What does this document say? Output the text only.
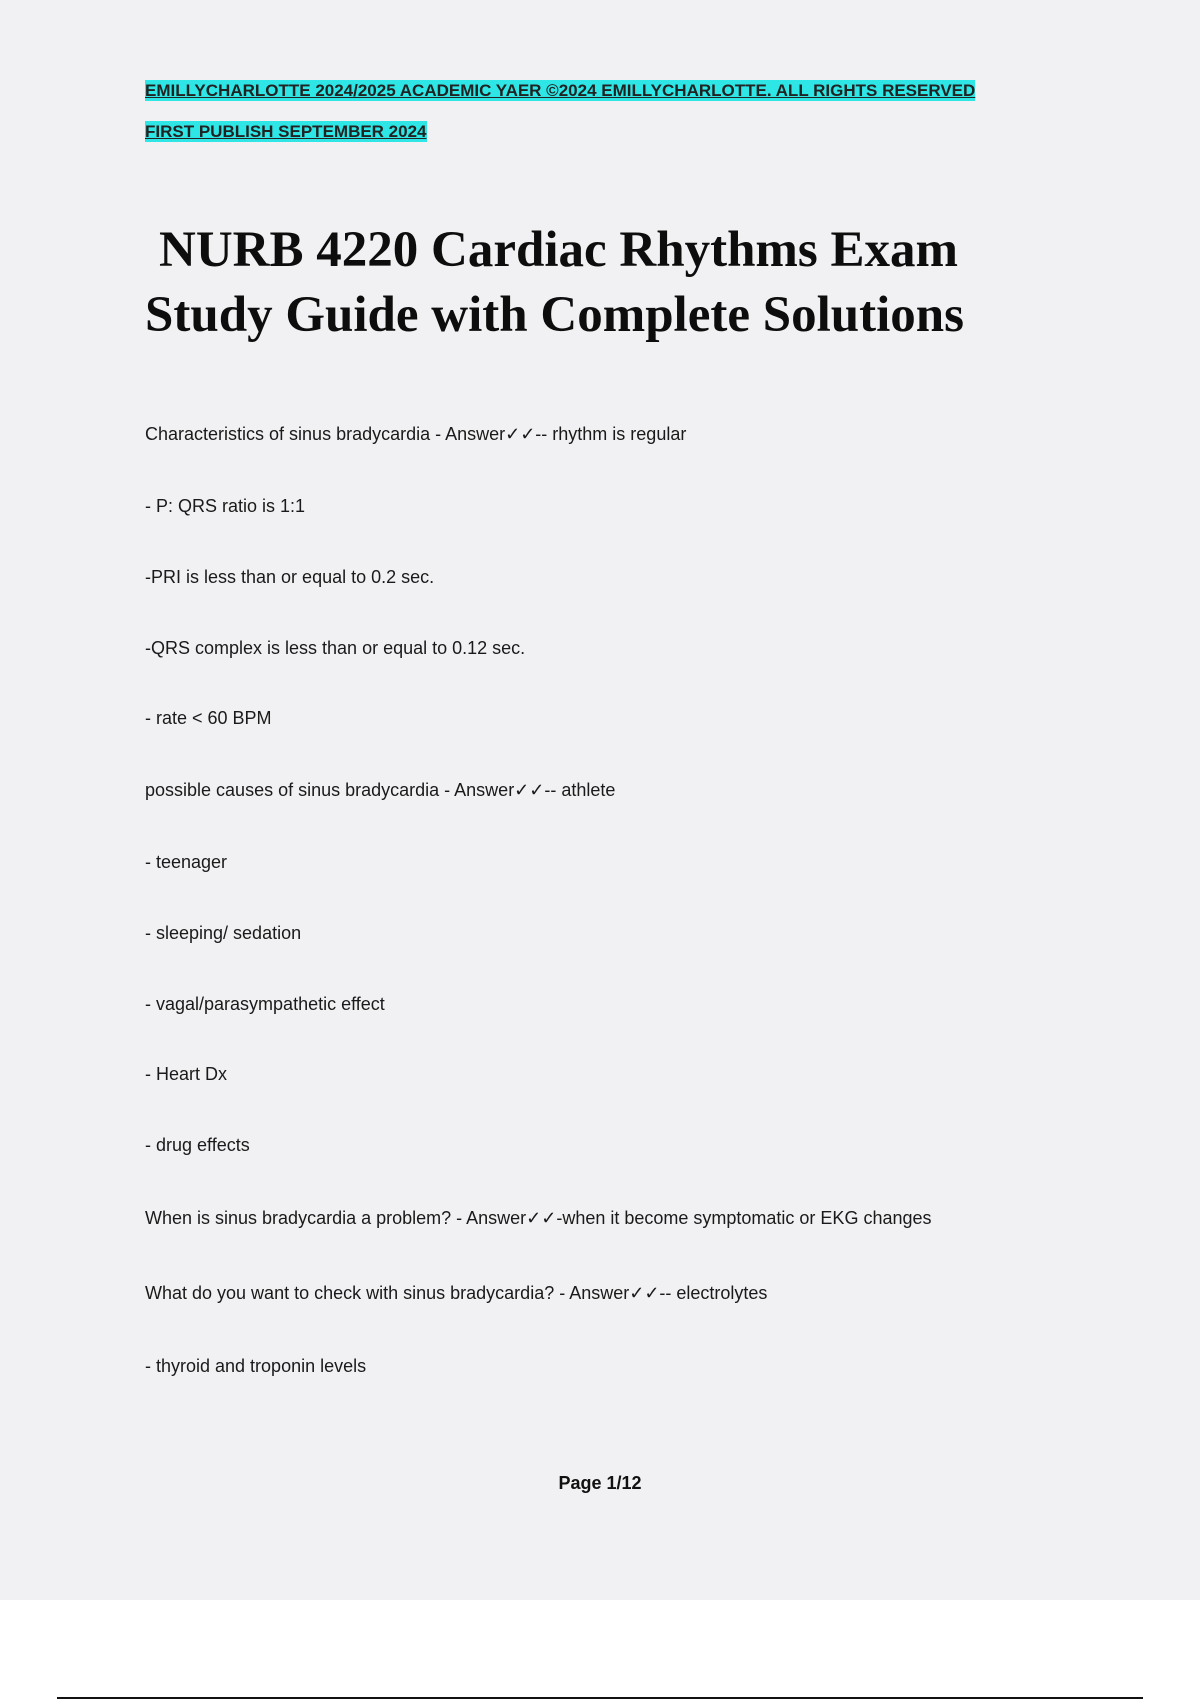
EMILLYCHARLOTTE 2024/2025 ACADEMIC YAER ©2024 EMILLYCHARLOTTE. ALL RIGHTS RESERVED
FIRST PUBLISH SEPTEMBER 2024
NURB 4220 Cardiac Rhythms Exam
Study Guide with Complete Solutions
Characteristics of sinus bradycardia - Answer✓✓-- rhythm is regular
- P: QRS ratio is 1:1
-PRI is less than or equal to 0.2 sec.
-QRS complex is less than or equal to 0.12 sec.
- rate < 60 BPM
possible causes of sinus bradycardia - Answer✓✓-- athlete
- teenager
- sleeping/ sedation
- vagal/parasympathetic effect
- Heart Dx
- drug effects
When is sinus bradycardia a problem? - Answer✓✓-when it become symptomatic or EKG changes
What do you want to check with sinus bradycardia? - Answer✓✓-- electrolytes
- thyroid and troponin levels
Page 1/12
